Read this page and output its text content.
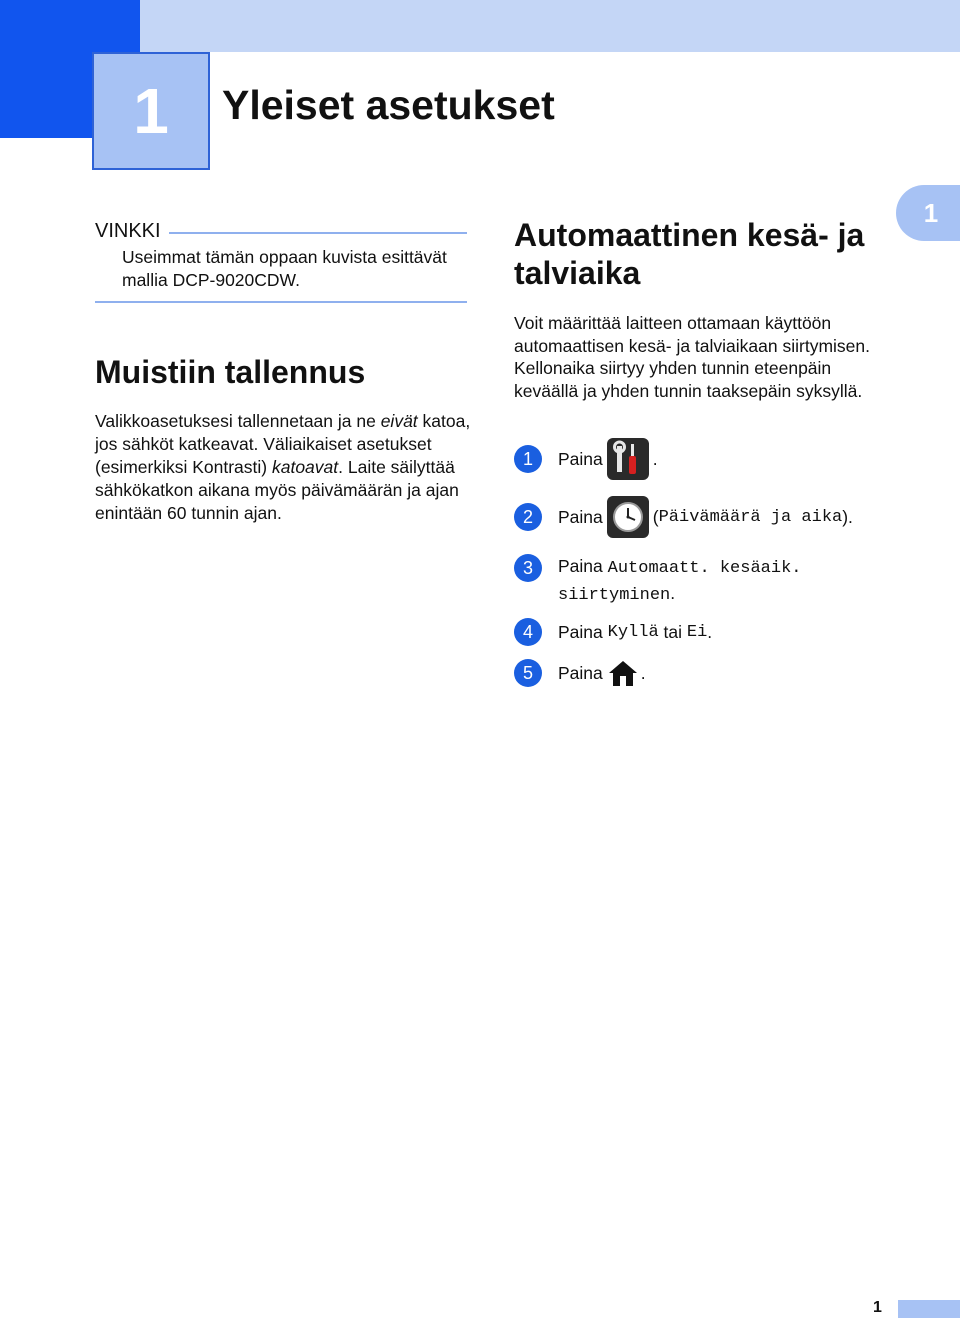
1 Yleiset asetukset
1
VINKKI
Useimmat tämän oppaan kuvista esittävät mallia DCP-9020CDW.
Muistiin tallennus
Valikkoasetuksesi tallennetaan ja ne eivät katoa, jos sähköt katkeavat. Väliaikaiset asetukset (esimerkiksi Kontrasti) katoavat. Laite säilyttää sähkökatkon aikana myös päivämäärän ja ajan enintään 60 tunnin ajan.
Automaattinen kesä- ja talviaika
Voit määrittää laitteen ottamaan käyttöön automaattisen kesä- ja talviaikaan siirtymisen. Kellonaika siirtyy yhden tunnin eteenpäin keväällä ja yhden tunnin taaksepäin syksyllä.
1	Paina	.
2	Paina	( Päivämäärä ja aika ).
3	Paina Automaatt. kesäaik.
siirtyminen.
4	Paina
Kyllä
tai
Ei .
5	Paina .
1
